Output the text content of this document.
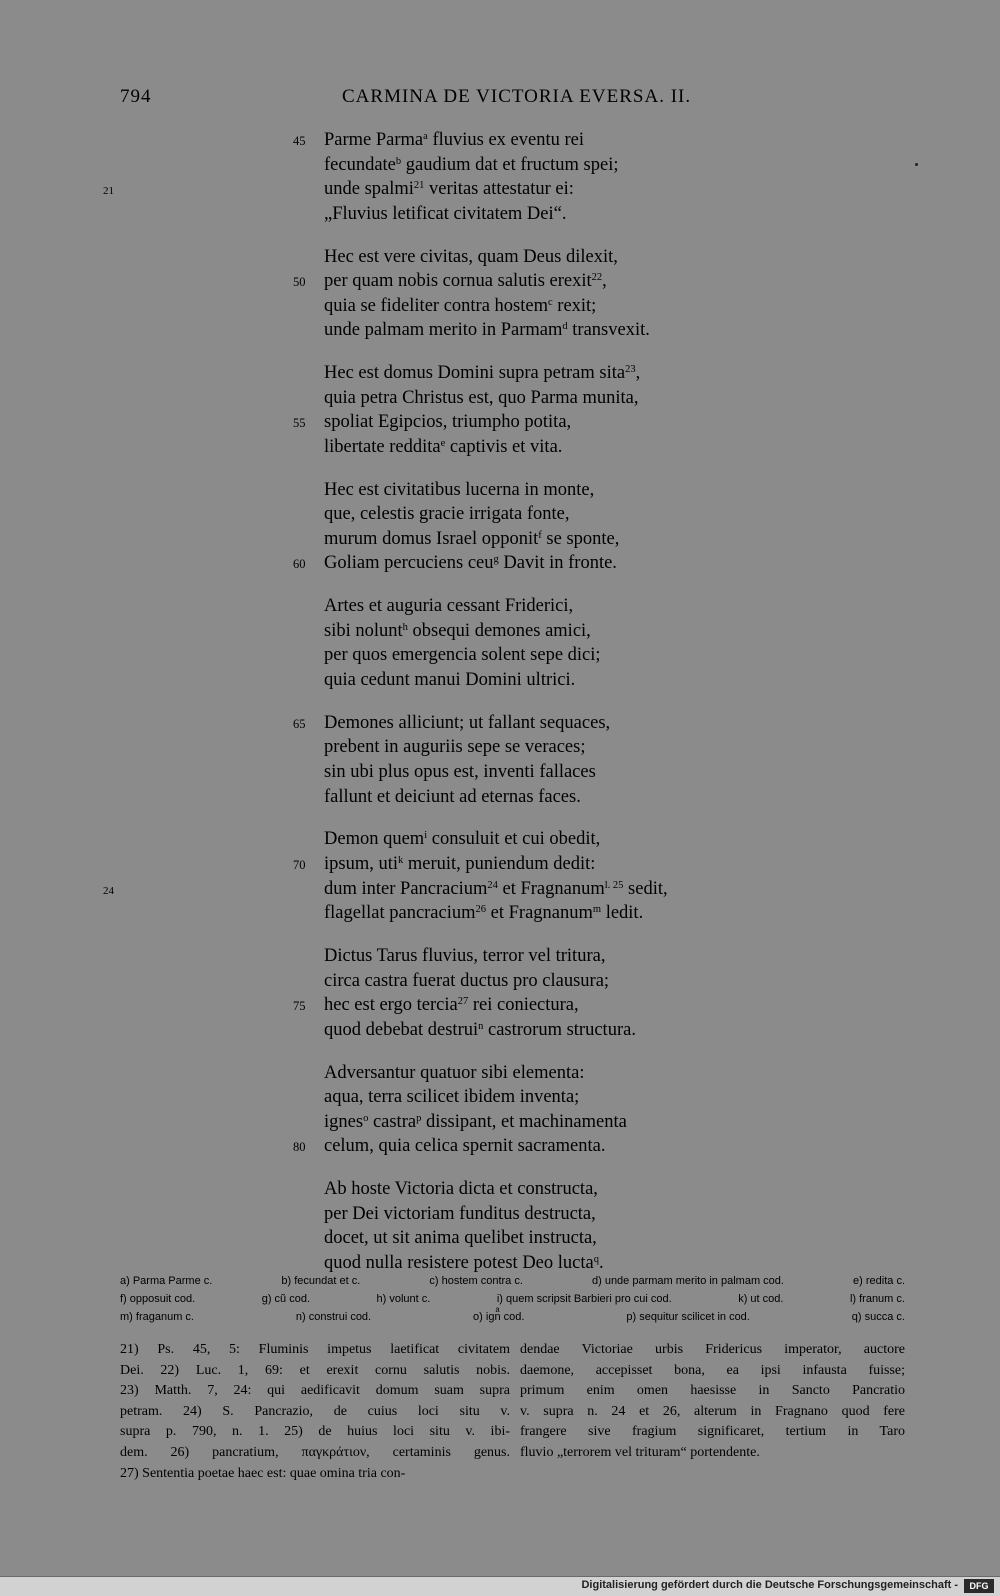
794	CARMINA DE VICTORIA EVERSA. II.
45 Parme Parma$^a$ fluvius ex eventu rei
fecundate$^b$ gaudium dat et fructum spei;
21	unde spalmi$^{21}$ veritas attestatur ei:
„Fluvius letificat civitatem Dei“.
Hec est vere civitas, quam Deus dilexit,
50 per quam nobis cornua salutis erexit$^{22}$,
quia se fideliter contra hostem$^c$ rexit;
unde palmam merito in Parmam$^d$ transvexit.
Hec est domus Domini supra petram sita$^{23}$,
quia petra Christus est, quo Parma munita,
55 spoliat Egipcios, triumpho potita,
libertate reddita$^e$ captivis et vita.
Hec est civitatibus lucerna in monte,
que, celestis gracie irrigata fonte,
murum domus Israel opponit$^f$ se sponte,
60 Goliam percuciens ceu$^g$ Davit in fronte.
Artes et auguria cessant Friderici,
sibi nolunt$^h$ obsequi demones amici,
per quos emergencia solent sepe dici;
quia cedunt manui Domini ultrici.
65 Demones alliciunt; ut fallant sequaces,
prebent in auguriis sepe se veraces;
sin ubi plus opus est, inventi fallaces
fallunt et deiciunt ad eternas faces.
Demon quem$^i$ consuluit et cui obedit,
70 ipsum, uti$^k$ meruit, puniendum dedit:
24	dum inter Pancracium$^{24}$ et Fragnanum$^{l. 25}$ sedit,
flagellat pancracium$^{26}$ et Fragnanum$^m$ ledit.
Dictus Tarus fluvius, terror vel tritura,
circa castra fuerat ductus pro clausura;
75 hec est ergo tercia$^{27}$ rei coniectura,
quod debebat destrui$^n$ castrorum structura.
Adversantur quatuor sibi elementa:
aqua, terra scilicet ibidem inventa;
ignes$^o$ castra$^p$ dissipant, et machinamenta
80 celum, quia celica spernit sacramenta.
Ab hoste Victoria dicta et constructa,
per Dei victoriam funditus destructa,
docet, ut sit anima quelibet instructa,
quod nulla resistere potest Deo lucta$^q$.
a) Parma Parme c.	b) fecundat et c.	c) hostem contra c.	d) unde parmam merito in palmam cod.	e) redita c.
f) opposuit cod.	g) cũ cod.	h) volunt c.	i) quem scripsit Barbieri pro cui cod.	k) ut cod.	l) franum c.
m) fraganum c.	n) construi cod.	o) ignͣ cod.	p) sequitur scilicet in cod.	q) succa c.

21) Ps. 45, 5: Fluminis impetus laetificat civitatem

Dei. 22) Luc. 1, 69: et erexit cornu salutis nobis.

23) Matth. 7, 24: qui aedificavit domum suam supra

petram. 24) S. Pancrazio, de cuius loci situ v.

supra p. 790, n. 1. 25) de huius loci situ v. ibi-

dem. 26) pancratium, παγκράτιον, certaminis genus.

27) Sententia poetae haec est: quae omina tria con-

dendae Victoriae urbis Fridericus imperator, auctore

daemone, accepisset bona, ea ipsi infausta fuisse;

primum enim omen haesisse in Sancto Pancratio

v. supra n. 24 et 26, alterum in Fragnano quod fere

frangere sive fragium significaret, tertium in Taro

fluvio „terrorem vel trituram“ portendente.

Digitalisierung gefördert durch die Deutsche Forschungsgemeinschaft -	DFG
